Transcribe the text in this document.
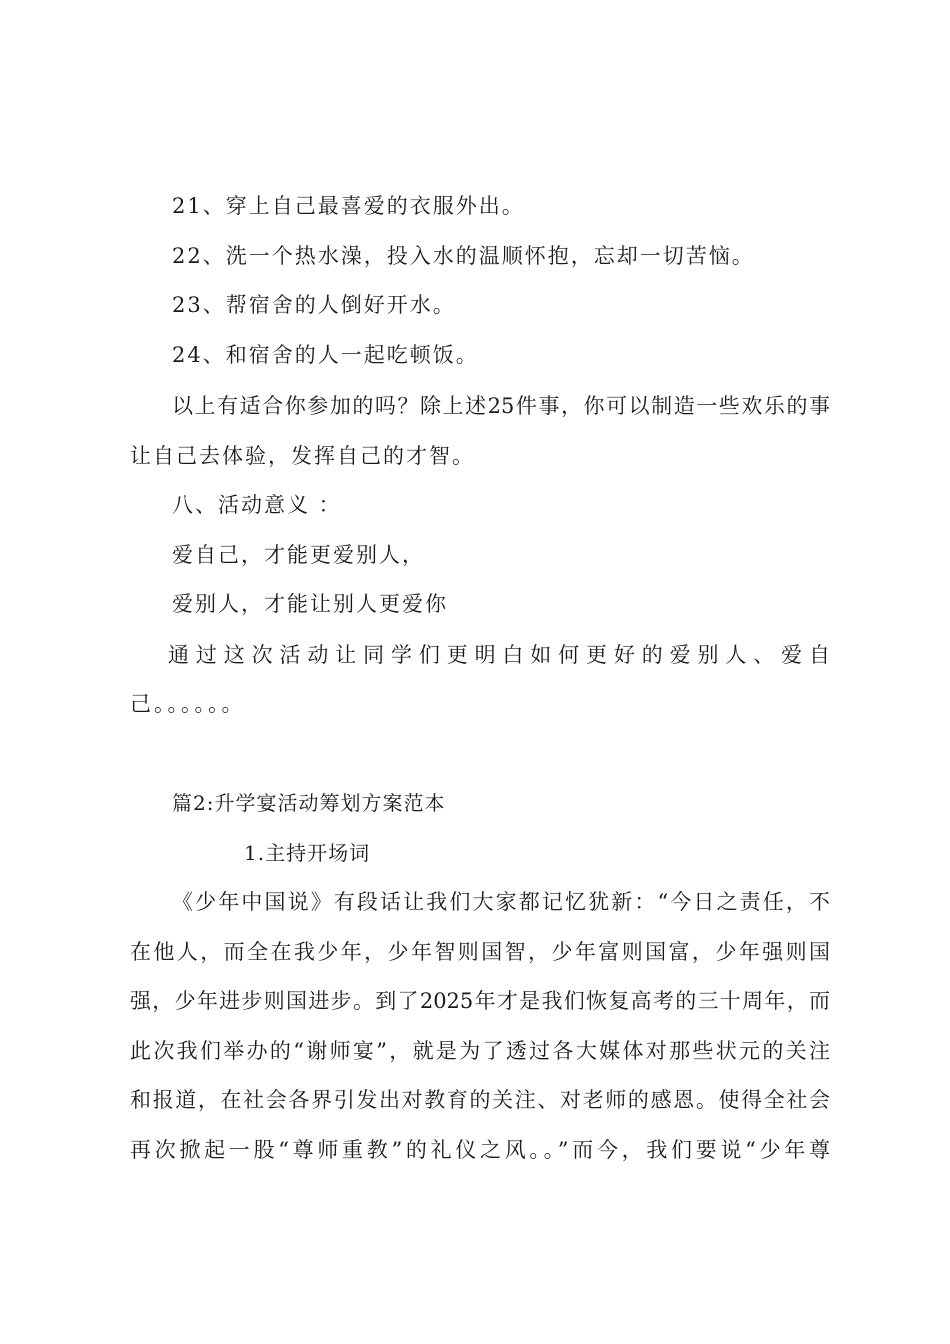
21、穿上自己最喜爱的衣服外出。
22、洗一个热水澡，投入水的温顺怀抱，忘却一切苦恼。
23、帮宿舍的人倒好开水。
24、和宿舍的人一起吃顿饭。
以上有适合你参加的吗？除上述25件事，你可以制造一些欢乐的事
让自己去体验，发挥自己的才智。
八、活动意义 ：
爱自己，才能更爱别人，
爱别人，才能让别人更爱你
通过这次活动让同学们更明白如何更好的爱别人、爱自
己。。。。。。
篇2:升学宴活动筹划方案范本
1.主持开场词
《少年中国说》有段话让我们大家都记忆犹新：“今日之责任，不
在他人，而全在我少年，少年智则国智，少年富则国富，少年强则国
强，少年进步则国进步。到了2025年才是我们恢复高考的三十周年，而
此次我们举办的“谢师宴”，就是为了透过各大媒体对那些状元的关注
和报道，在社会各界引发出对教育的关注、对老师的感恩。使得全社会
再次掀起一股“尊师重教”的礼仪之风。。”而今，我们要说“少年尊
